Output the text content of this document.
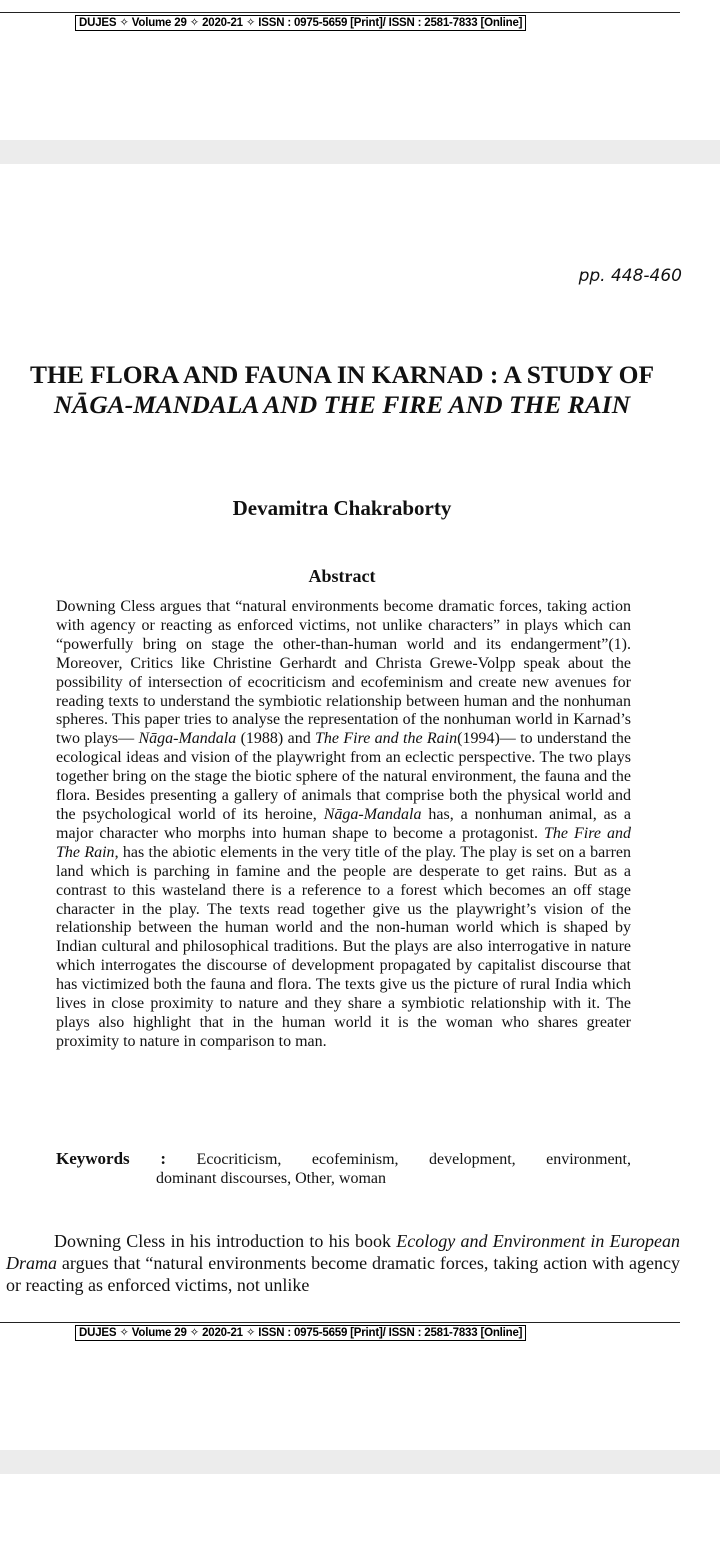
DUJES ✧ Volume 29 ✧ 2020-21 ✧ ISSN : 0975-5659 [Print]/ ISSN : 2581-7833 [Online]
pp. 448-460
THE FLORA AND FAUNA IN KARNAD : A STUDY OF NĀGA-MANDALA AND THE FIRE AND THE RAIN
Devamitra Chakraborty
Abstract

Downing Cless argues that “natural environments become dramatic forces, taking action with agency or reacting as enforced victims, not unlike characters” in plays which can “powerfully bring on stage the other-than-human world and its endangerment”(1). Moreover, Critics like Christine Gerhardt and Christa Grewe-Volpp speak about the possibility of intersection of ecocriticism and ecofeminism and create new avenues for reading texts to understand the symbiotic relationship between human and the nonhuman spheres. This paper tries to analyse the representation of the nonhuman world in Karnad’s two plays— Nāga-Mandala (1988) and The Fire and the Rain(1994)— to understand the ecological ideas and vision of the playwright from an eclectic perspective. The two plays together bring on the stage the biotic sphere of the natural environment, the fauna and the flora. Besides presenting a gallery of animals that comprise both the physical world and the psychological world of its heroine, Nāga-Mandala has, a nonhuman animal, as a major character who morphs into human shape to become a protagonist. The Fire and The Rain, has the abiotic elements in the very title of the play. The play is set on a barren land which is parching in famine and the people are desperate to get rains. But as a contrast to this wasteland there is a reference to a forest which becomes an off stage character in the play. The texts read together give us the playwright’s vision of the relationship between the human world and the non-human world which is shaped by Indian cultural and philosophical traditions. But the plays are also interrogative in nature which interrogates the discourse of development propagated by capitalist discourse that has victimized both the fauna and flora. The texts give us the picture of rural India which lives in close proximity to nature and they share a symbiotic relationship with it. The plays also highlight that in the human world it is the woman who shares greater proximity to nature in comparison to man.

Keywords : Ecocriticism, ecofeminism, development, environment,
dominant discourses, Other, woman

Downing Cless in his introduction to his book Ecology and Environment in European Drama argues that “natural environments become dramatic forces, taking action with agency or reacting as enforced victims, not unlike

DUJES ✧ Volume 29 ✧ 2020-21 ✧ ISSN : 0975-5659 [Print]/ ISSN : 2581-7833 [Online]
